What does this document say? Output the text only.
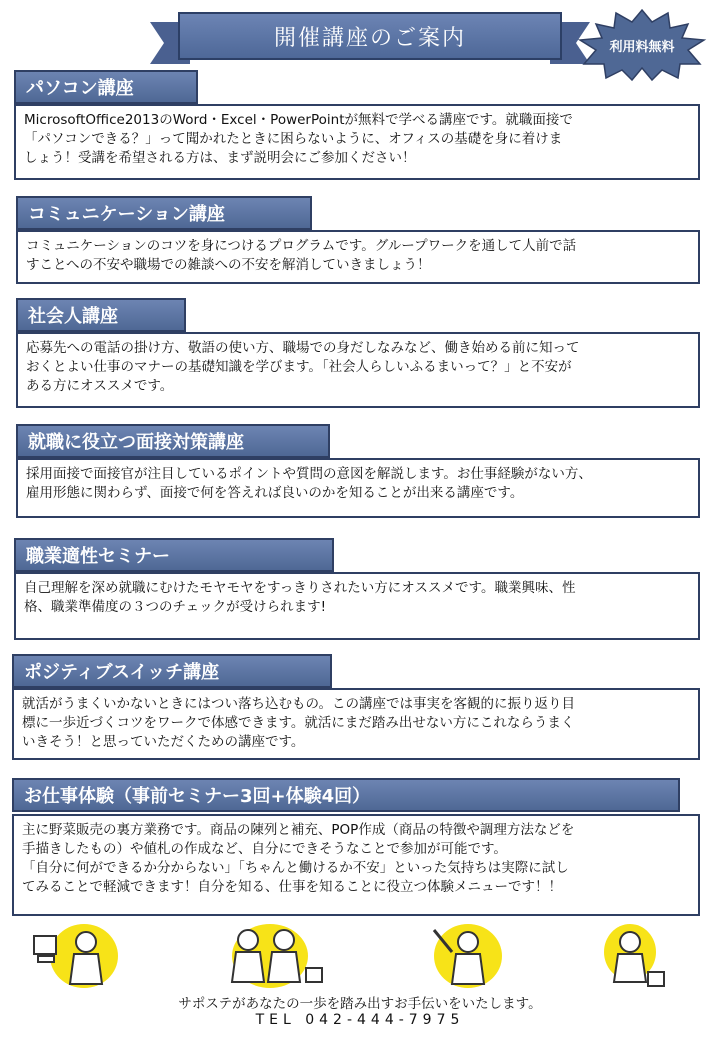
開催講座のご案内	利用料無料
パソコン講座

MicrosoftOffice2013のWord・Excel・PowerPointが無料で学べる講座です。就職面接で

「パソコンできる？」って聞かれたときに困らないように、オフィスの基礎を身に着けま

しょう！受講を希望される方は、まず説明会にご参加ください！

コミュニケーション講座

コミュニケーションのコツを身につけるプログラムです。グループワークを通して人前で話

すことへの不安や職場での雑談への不安を解消していきましょう！

社会人講座

応募先への電話の掛け方、敬語の使い方、職場での身だしなみなど、働き始める前に知って

おくとよい仕事のマナーの基礎知識を学びます。「社会人らしいふるまいって？」と不安が

ある方にオススメです。

就職に役立つ面接対策講座

採用面接で面接官が注目しているポイントや質問の意図を解説します。お仕事経験がない方、

雇用形態に関わらず、面接で何を答えれば良いのかを知ることが出来る講座です。

職業適性セミナー

自己理解を深め就職にむけたモヤモヤをすっきりされたい方にオススメです。職業興味、性

格、職業準備度の３つのチェックが受けられます!

ポジティブスイッチ講座

就活がうまくいかないときにはつい落ち込むもの。この講座では事実を客観的に振り返り目

標に一歩近づくコツをワークで体感できます。就活にまだ踏み出せない方にこれならうまく

いきそう！と思っていただくための講座です。

お仕事体験（事前セミナー3回+体験4回）

主に野菜販売の裏方業務です。商品の陳列と補充、POP作成（商品の特徴や調理方法などを

手描きしたもの）や値札の作成など、自分にできそうなことで参加が可能です。

「自分に何ができるか分からない」「ちゃんと働けるか不安」といった気持ちは実際に試し

てみることで軽減できます！自分を知る、仕事を知ることに役立つ体験メニューです！！

サポステがあなたの一歩を踏み出すお手伝いをいたします。
TEL 042-444-7975
